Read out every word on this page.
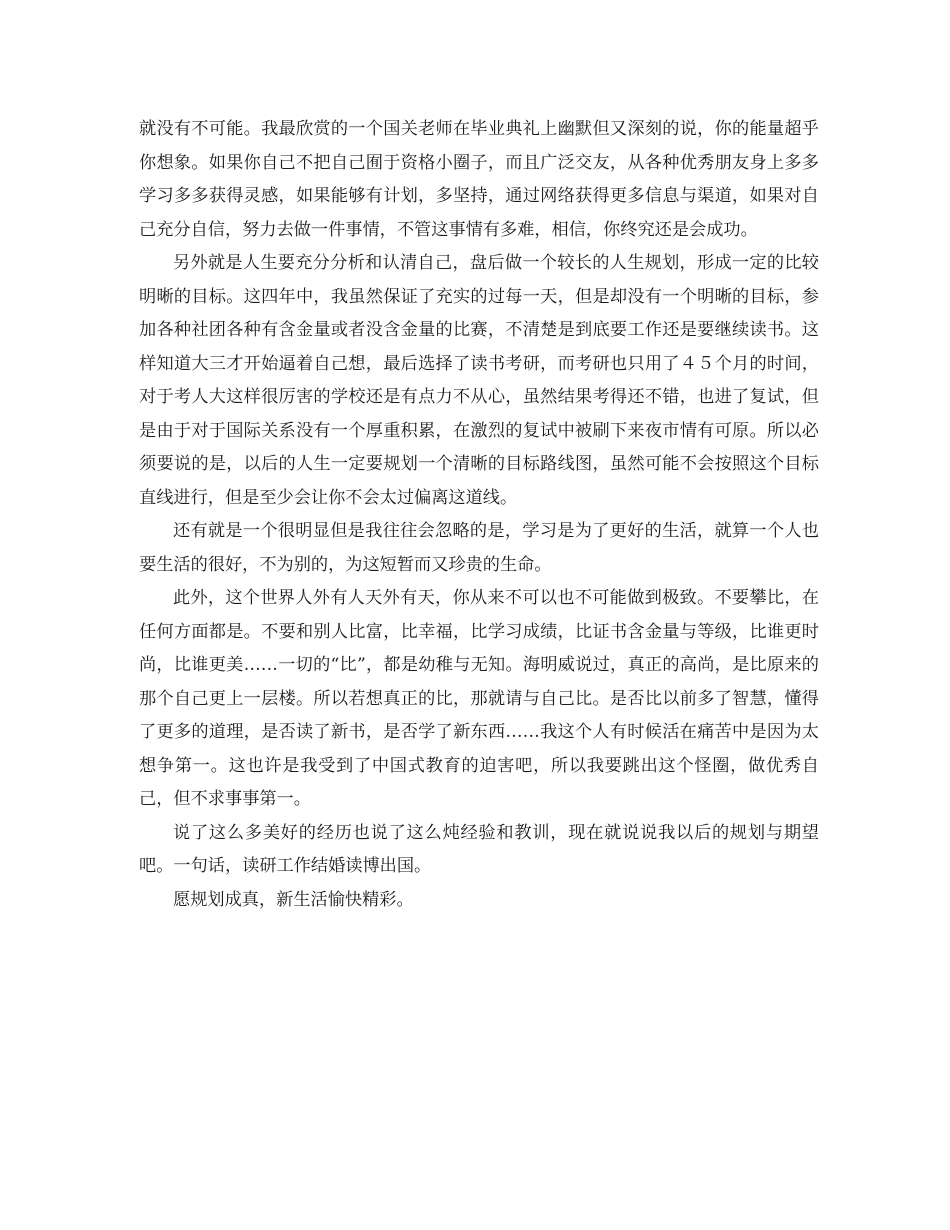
就没有不可能。我最欣赏的一个国关老师在毕业典礼上幽默但又深刻的说，你的能量超乎你想象。如果你自己不把自己囿于资格小圈子，而且广泛交友，从各种优秀朋友身上多多学习多多获得灵感，如果能够有计划，多坚持，通过网络获得更多信息与渠道，如果对自己充分自信，努力去做一件事情，不管这事情有多难，相信，你终究还是会成功。

另外就是人生要充分分析和认清自己，盘后做一个较长的人生规划，形成一定的比较明晰的目标。这四年中，我虽然保证了充实的过每一天，但是却没有一个明晰的目标，参加各种社团各种有含金量或者没含金量的比赛，不清楚是到底要工作还是要继续读书。这样知道大三才开始逼着自己想，最后选择了读书考研，而考研也只用了４５个月的时间，对于考人大这样很厉害的学校还是有点力不从心，虽然结果考得还不错，也进了复试，但是由于对于国际关系没有一个厚重积累，在激烈的复试中被刷下来夜市情有可原。所以必须要说的是，以后的人生一定要规划一个清晰的目标路线图，虽然可能不会按照这个目标直线进行，但是至少会让你不会太过偏离这道线。

还有就是一个很明显但是我往往会忽略的是，学习是为了更好的生活，就算一个人也要生活的很好，不为别的，为这短暂而又珍贵的生命。

此外，这个世界人外有人天外有天，你从来不可以也不可能做到极致。不要攀比，在任何方面都是。不要和别人比富，比幸福，比学习成绩，比证书含金量与等级，比谁更时尚，比谁更美……一切的“比”，都是幼稚与无知。海明威说过，真正的高尚，是比原来的那个自己更上一层楼。所以若想真正的比，那就请与自己比。是否比以前多了智慧，懂得了更多的道理，是否读了新书，是否学了新东西……我这个人有时候活在痛苦中是因为太想争第一。这也许是我受到了中国式教育的迫害吧，所以我要跳出这个怪圈，做优秀自己，但不求事事第一。

说了这么多美好的经历也说了这么炖经验和教训，现在就说说我以后的规划与期望吧。一句话，读研工作结婚读博出国。

愿规划成真，新生活愉快精彩。
